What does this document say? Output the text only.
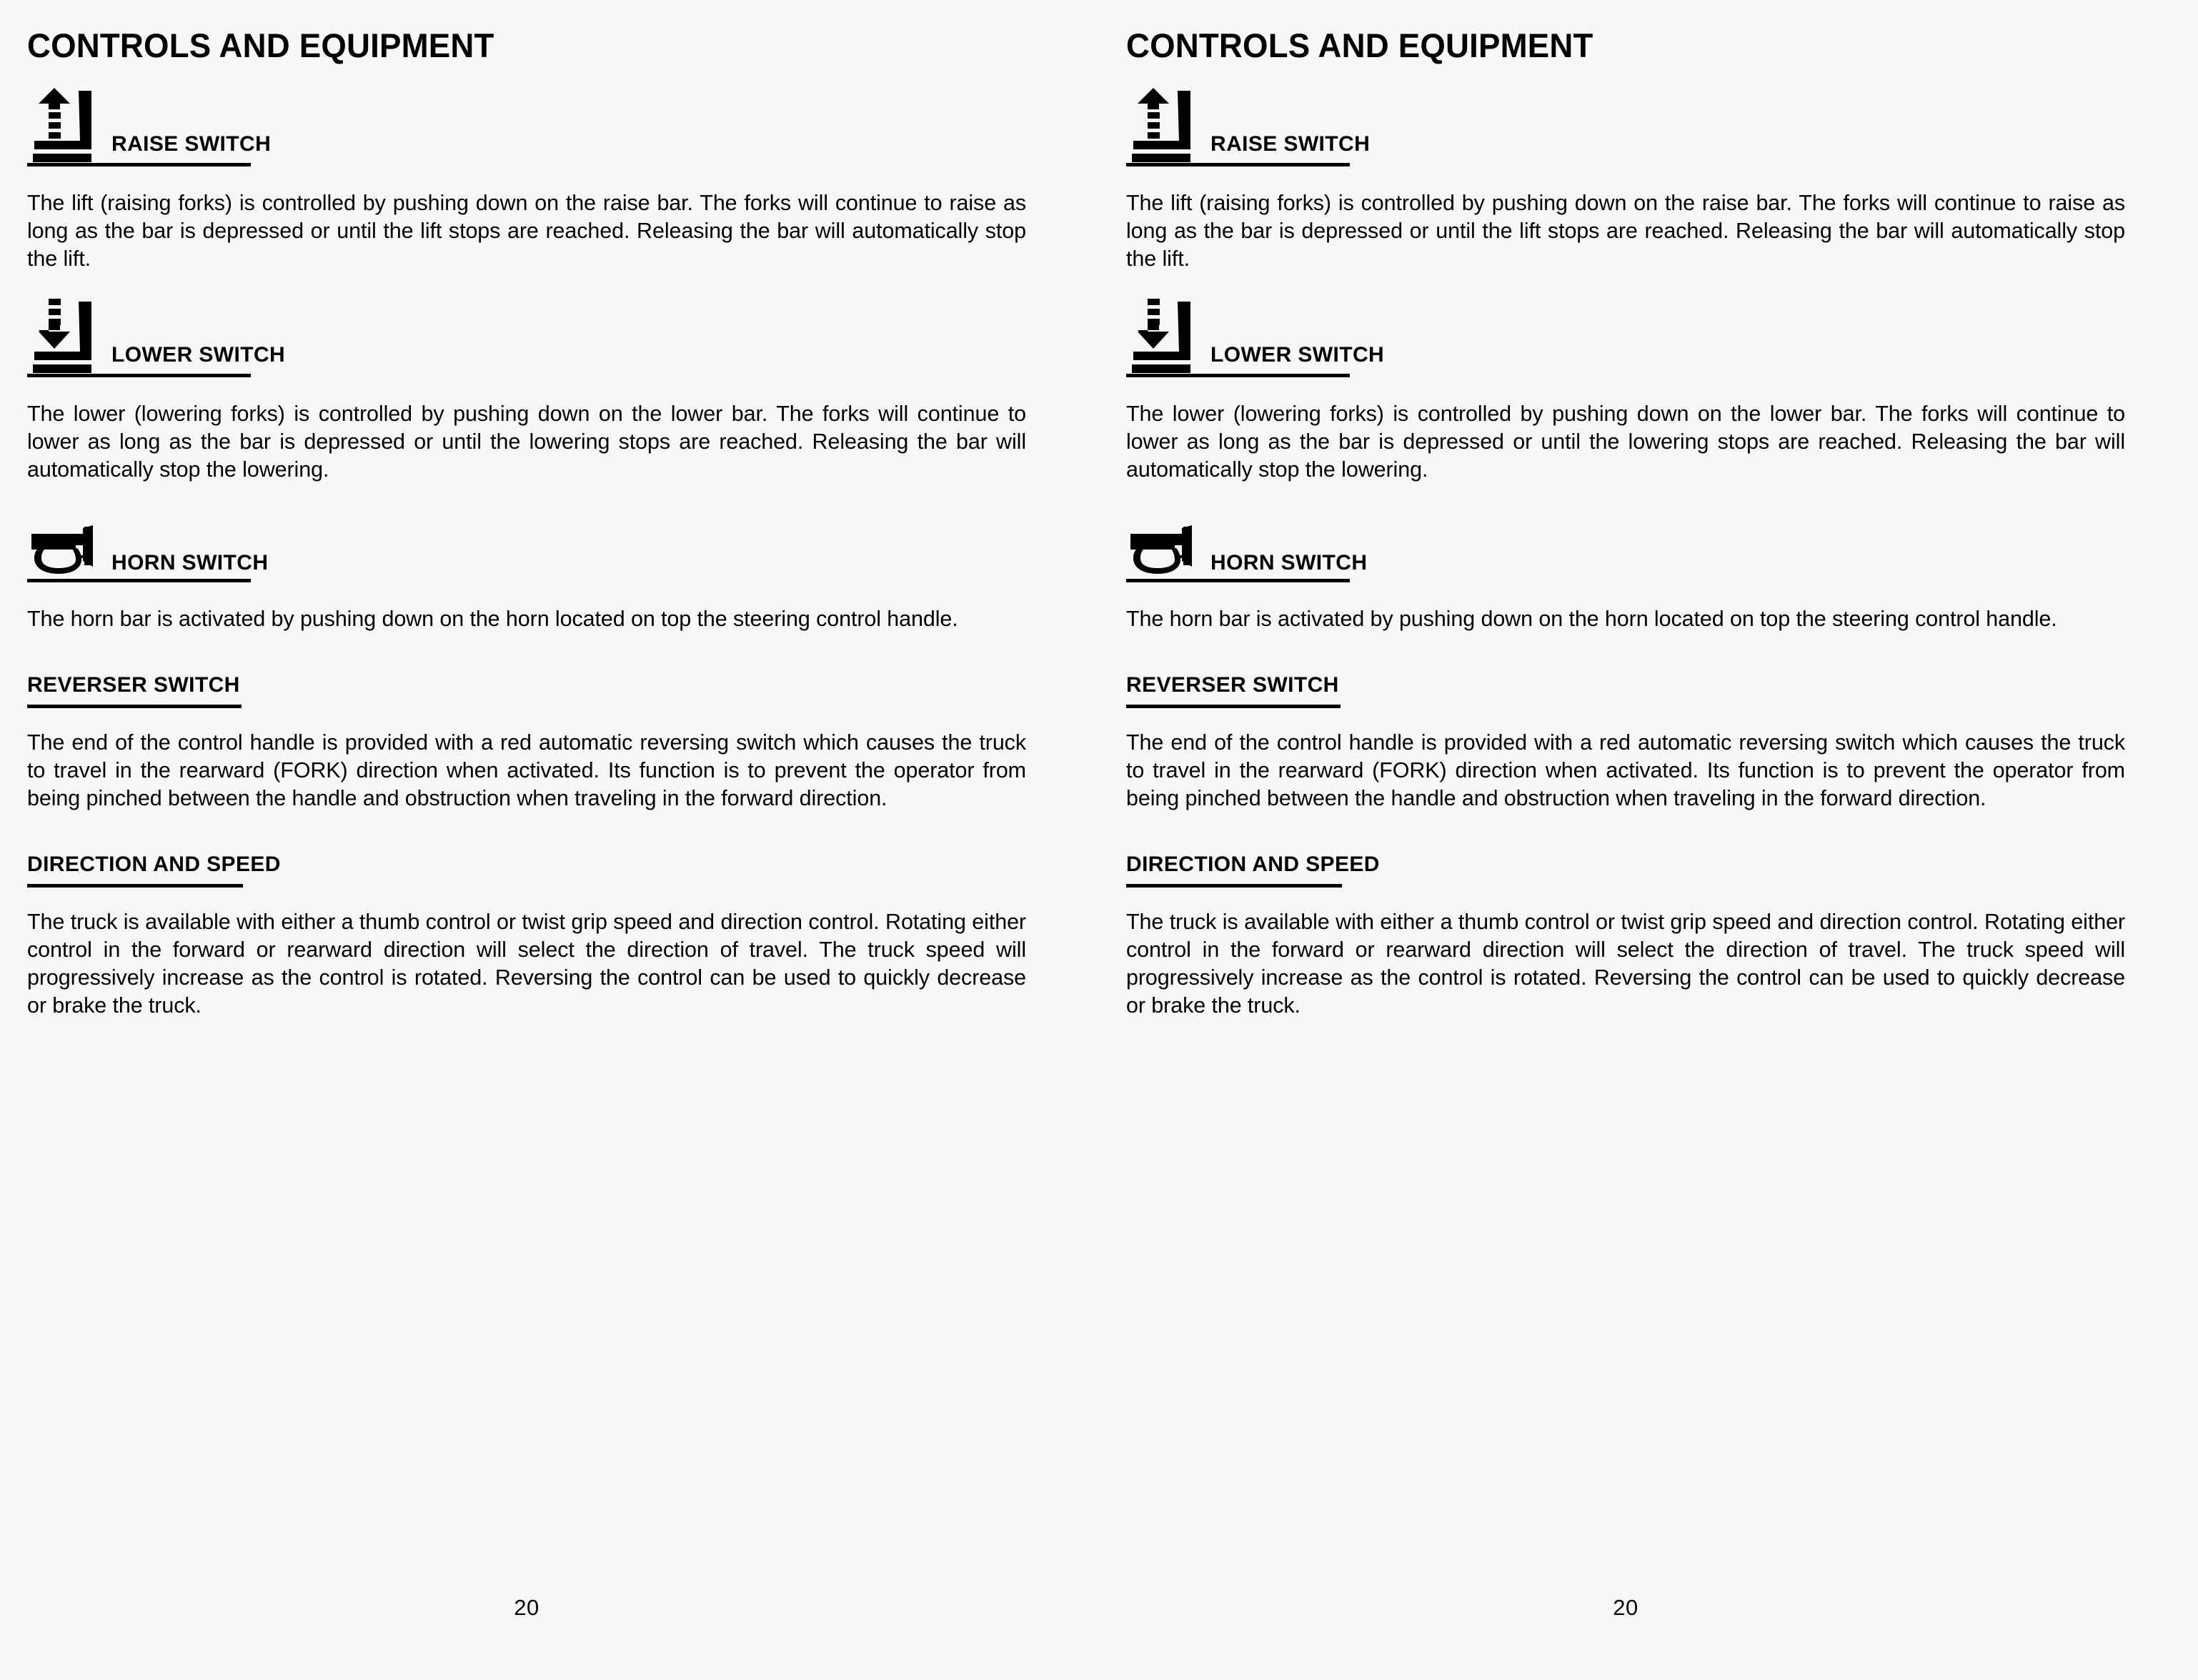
CONTROLS AND EQUIPMENT
RAISE SWITCH

The lift (raising forks) is controlled by pushing down on the raise bar. The forks will continue to raise as long as the bar is depressed or until the lift stops are reached. Releasing the bar will automatically stop the lift.

LOWER SWITCH

The lower (lowering forks) is controlled by pushing down on the lower bar. The forks will continue to lower as long as the bar is depressed or until the lowering stops are reached. Releasing the bar will automatically stop the lowering.

HORN SWITCH

The horn bar is activated by pushing down on the horn located on top the steering control handle.

REVERSER SWITCH

The end of the control handle is provided with a red automatic reversing switch which causes the truck to travel in the rearward (FORK) direction when activated. Its function is to prevent the operator from being pinched between the handle and obstruction when traveling in the forward direction.

DIRECTION AND SPEED

The truck is available with either a thumb control or twist grip speed and direction control. Rotating either control in the forward or rearward direction will select the direction of travel. The truck speed will progressively increase as the control is rotated. Reversing the control can be used to quickly decrease or brake the truck.

20
CONTROLS AND EQUIPMENT
RAISE SWITCH

The lift (raising forks) is controlled by pushing down on the raise bar. The forks will continue to raise as long as the bar is depressed or until the lift stops are reached. Releasing the bar will automatically stop the lift.

LOWER SWITCH

The lower (lowering forks) is controlled by pushing down on the lower bar. The forks will continue to lower as long as the bar is depressed or until the lowering stops are reached. Releasing the bar will automatically stop the lowering.

HORN SWITCH

The horn bar is activated by pushing down on the horn located on top the steering control handle.

REVERSER SWITCH

The end of the control handle is provided with a red automatic reversing switch which causes the truck to travel in the rearward (FORK) direction when activated. Its function is to prevent the operator from being pinched between the handle and obstruction when traveling in the forward direction.

DIRECTION AND SPEED

The truck is available with either a thumb control or twist grip speed and direction control. Rotating either control in the forward or rearward direction will select the direction of travel. The truck speed will progressively increase as the control is rotated. Reversing the control can be used to quickly decrease or brake the truck.

20
